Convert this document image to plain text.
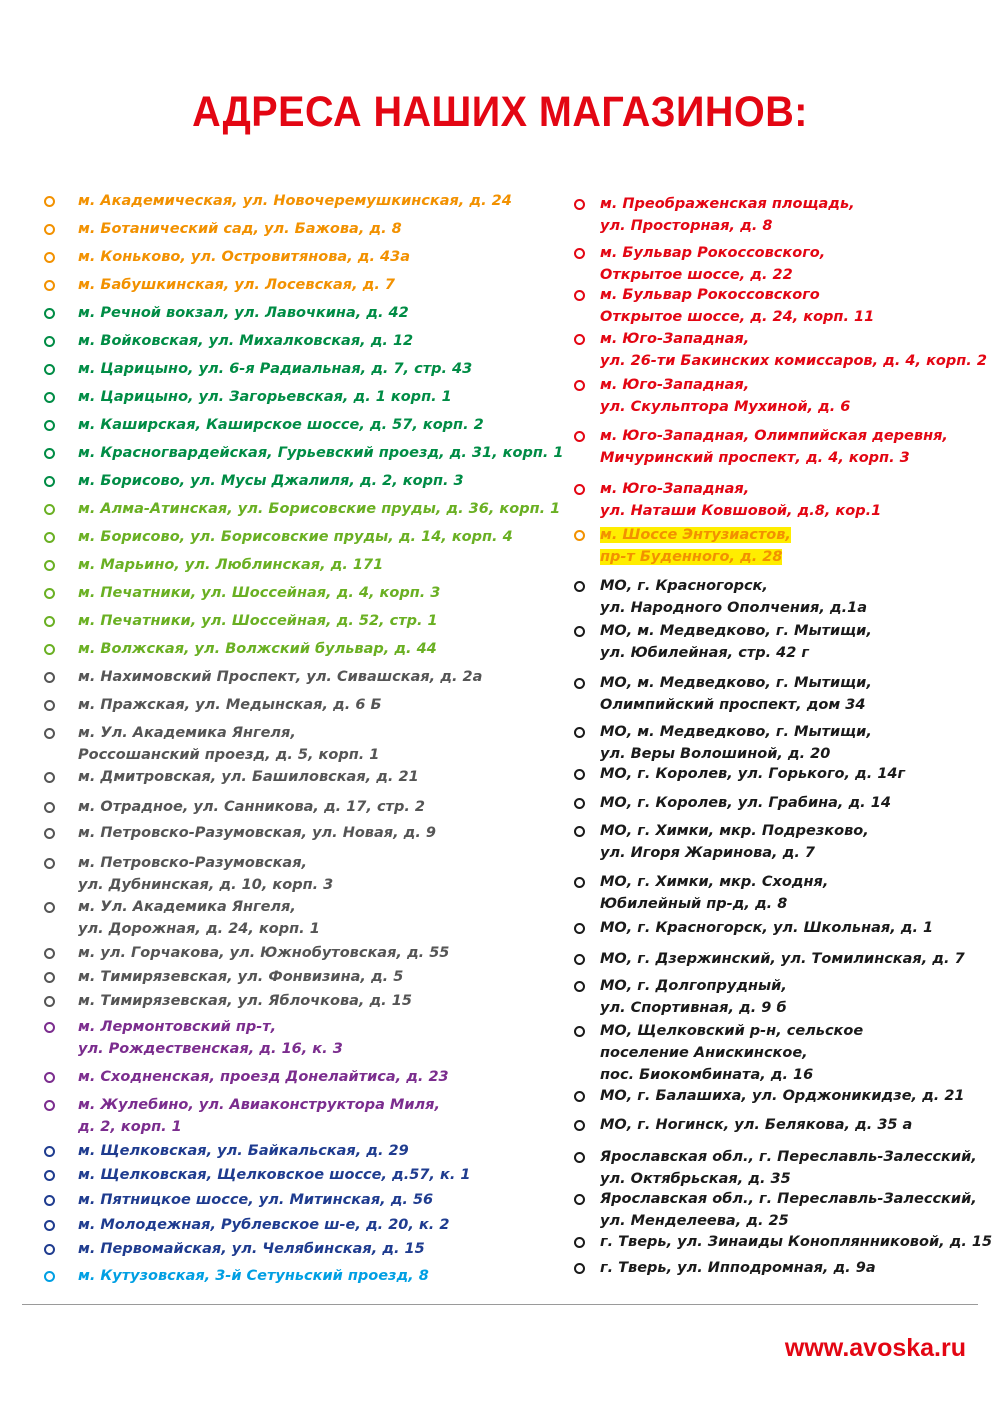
АДРЕСА НАШИХ МАГАЗИНОВ:
м. Академическая, ул. Новочеремушкинская, д. 24
м. Ботанический сад, ул. Бажова, д. 8
м. Коньково, ул. Островитянова, д. 43а
м. Бабушкинская, ул. Лосевская, д. 7
м. Речной вокзал, ул. Лавочкина, д. 42
м. Войковская, ул. Михалковская, д. 12
м. Царицыно, ул. 6-я Радиальная, д. 7, стр. 43
м. Царицыно, ул. Загорьевская, д. 1 корп. 1
м. Каширская, Каширское шоссе, д. 57, корп. 2
м. Красногвардейская, Гурьевский проезд, д. 31, корп. 1
м. Борисово, ул. Мусы Джалиля, д. 2, корп. 3
м. Алма-Атинская, ул. Борисовские пруды, д. 36, корп. 1
м. Борисово, ул. Борисовские пруды, д. 14, корп. 4
м. Марьино, ул. Люблинская, д. 171
м. Печатники, ул. Шоссейная, д. 4, корп. 3
м. Печатники, ул. Шоссейная, д. 52, стр. 1
м. Волжская, ул. Волжский бульвар, д. 44
м. Нахимовский Проспект, ул. Сивашская, д. 2а
м. Пражская, ул. Медынская, д. 6 Б
м. Ул. Академика Янгеля,
Россошанский проезд, д. 5, корп. 1
м. Дмитровская, ул. Башиловская, д. 21
м. Отрадное, ул. Санникова, д. 17, стр. 2
м. Петровско-Разумовская, ул. Новая, д. 9
м. Петровско-Разумовская,
ул. Дубнинская, д. 10, корп. 3
м. Ул. Академика Янгеля,
ул. Дорожная, д. 24, корп. 1
м. ул. Горчакова, ул. Южнобутовская, д. 55
м. Тимирязевская, ул. Фонвизина, д. 5
м. Тимирязевская, ул. Яблочкова, д. 15
м. Лермонтовский пр-т,
ул. Рождественская, д. 16, к. 3
м. Сходненская, проезд Донелайтиса, д. 23
м. Жулебино, ул. Авиаконструктора Миля,
д. 2, корп. 1
м. Щелковская, ул. Байкальская, д. 29
м. Щелковская, Щелковское шоссе, д.57, к. 1
м. Пятницкое шоссе, ул. Митинская, д. 56
м. Молодежная, Рублевское ш-е, д. 20, к. 2
м. Первомайская, ул. Челябинская, д. 15
м. Кутузовская, 3-й Сетуньский проезд, 8
м. Преображенская площадь,
ул. Просторная, д. 8
м. Бульвар Рокоссовского,
Открытое шоссе, д. 22
м. Бульвар Рокоссовского
Открытое шоссе, д. 24, корп. 11
м. Юго-Западная,
ул. 26-ти Бакинских комиссаров, д. 4, корп. 2
м. Юго-Западная,
ул. Скульптора Мухиной, д. 6
м. Юго-Западная, Олимпийская деревня,
Мичуринский проспект, д. 4, корп. 3
м. Юго-Западная,
ул. Наташи Ковшовой, д.8, кор.1
м. Шоссе Энтузиастов,
пр-т Буденного, д. 28
МО, г. Красногорск,
ул. Народного Ополчения, д.1а
МО, м. Медведково, г. Мытищи,
ул. Юбилейная, стр. 42 г
МО, м. Медведково, г. Мытищи,
Олимпийский проспект, дом 34
МО, м. Медведково, г. Мытищи,
ул. Веры Волошиной, д. 20
МО, г. Королев, ул. Горького, д. 14г
МО, г. Королев, ул. Грабина, д. 14
МО, г. Химки, мкр. Подрезково,
ул. Игоря Жаринова, д. 7
МО, г. Химки, мкр. Сходня,
Юбилейный пр-д, д. 8
МО, г. Красногорск, ул. Школьная, д. 1
МО, г. Дзержинский, ул. Томилинская, д. 7
МО, г. Долгопрудный,
ул. Спортивная, д. 9 б
МО, Щелковский р-н, сельское
поселение Анискинское,
пос. Биокомбината, д. 16
МО, г. Балашиха, ул. Орджоникидзе, д. 21
МО, г. Ногинск, ул. Белякова, д. 35 а
Ярославская обл., г. Переславль-Залесский,
ул. Октябрьская, д. 35
Ярославская обл., г. Переславль-Залесский,
ул. Менделеева, д. 25
г. Тверь, ул. Зинаиды Коноплянниковой, д. 15
г. Тверь, ул. Ипподромная, д. 9а
www.avoska.ru
